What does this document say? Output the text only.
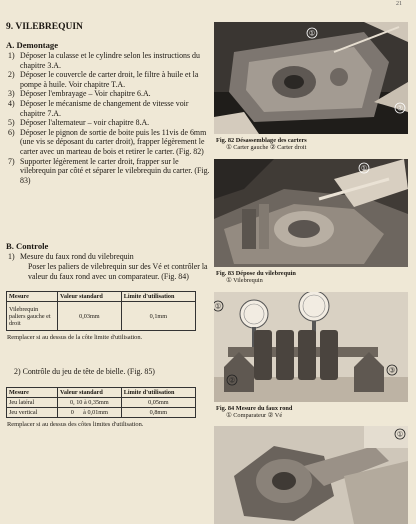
21
9. VILEBREQUIN
A. Demontage
1) Déposer la culasse et le cylindre selon les instructions du chapitre 3.A.
2) Déposer le couvercle de carter droit, le filtre à huile et la pompe à huile. Voir chapitre T.A.
3) Déposer l'embrayage – Voir chapitre 6.A.
4) Déposer le mécanisme de changement de vitesse voir chapitre 7.A.
5) Déposer l'alternateur – voir chapitre 8.A.
6) Déposer le pignon de sortie de boite puis les 11vis de 6mm (une vis se déposant du carter droit), frapper légèrement le carter avec un marteau de bois et retirer le carter. (Fig. 82)
7) Supporter légèrement le carter droit, frapper sur le vilebrequin par côté et séparer le vilebrequin du carter. (Fig. 83)
B. Controle
1) Mesure du faux rond du vilebrequin
Poser les paliers de vilebrequin sur des Vé et contrôler la valeur du faux rond avec un comparateur. (Fig. 84)
Mesure	Valeur standard	Limite d'utilisation
Vilebrequin paliers gauche et droit	0,03mm	0,1mm
Remplacer si au dessus de la côte limite d'utilisation.
2) Contrôle du jeu de tête de bielle. (Fig. 85)
Mesure	Valeur standard	Limite d'utilisation
Jeu latéral	0, 10 à 0,35mm	0,05mm
Jeu vertical	0      à 0,01mm	0,8mm
Remplacer si au dessus des côtes limites d'utilisation.
①
②
Fig. 82 Désassemblage des carters
① Carter gauche ② Carter droit
①
Fig. 83 Dépose du vilebrequin
① Vilebrequin
①
②
③
Fig. 84 Mesure du faux rond
① Comparateur ② Vé
①
